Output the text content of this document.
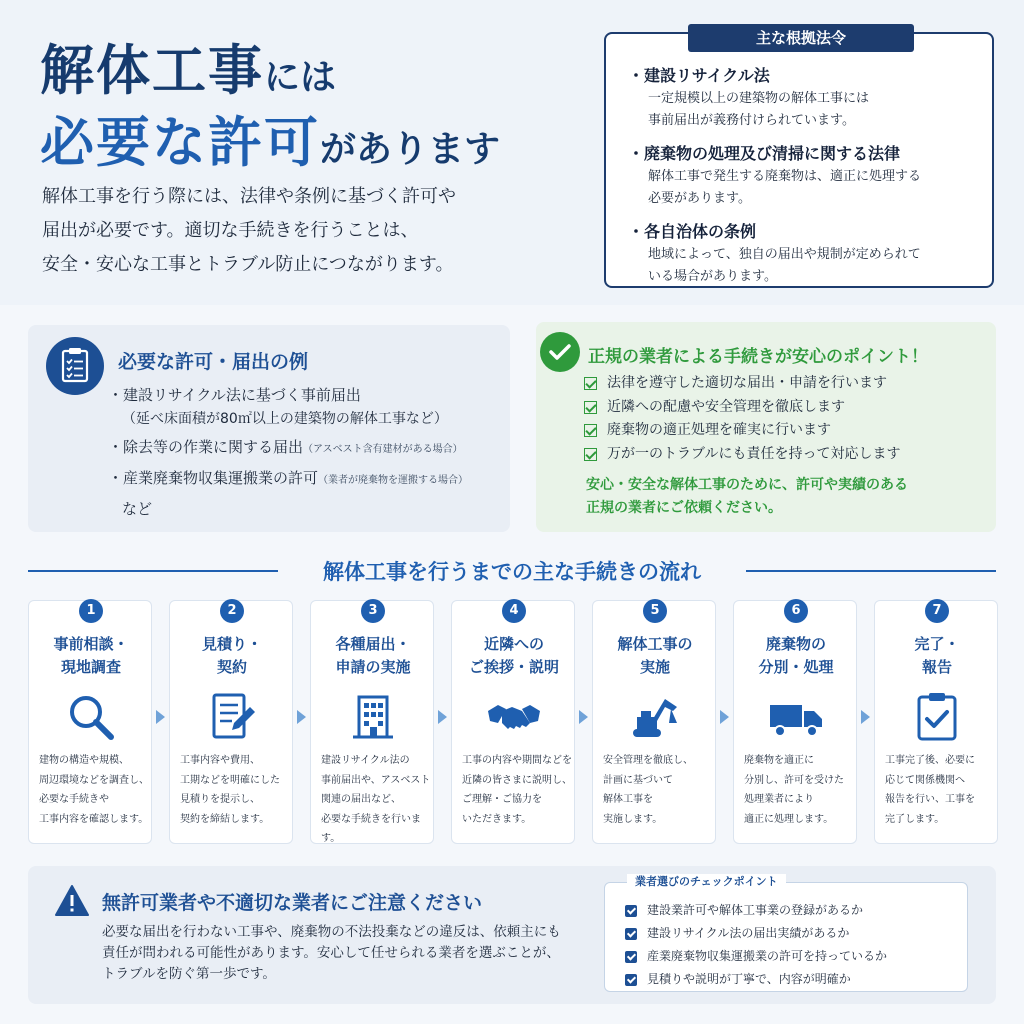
解体工事には
必要な許可があります
解体工事を行う際には、法律や条例に基づく許可や
届出が必要です。適切な手続きを行うことは、
安全・安心な工事とトラブル防止につながります。
主な根拠法令
・ 建設リサイクル法
一定規模以上の建築物の解体工事には
事前届出が義務付けられています。
・ 廃棄物の処理及び清掃に関する法律
解体工事で発生する廃棄物は、適正に処理する
必要があります。
・ 各自治体の条例
地域によって、独自の届出や規制が定められて
いる場合があります。
必要な許可・届出の例
・ 建設リサイクル法に基づく事前届出
（延べ床面積が80㎡以上の建築物の解体工事など）
・ 除去等の作業に関する届出（アスベスト含有建材がある場合）
・ 産業廃棄物収集運搬業の許可（業者が廃棄物を運搬する場合）
など
正規の業者による手続きが安心のポイント！
法律を遵守した適切な届出・申請を行います
近隣への配慮や安全管理を徹底します
廃棄物の適正処理を確実に行います
万が一のトラブルにも責任を持って対応します
安心・安全な解体工事のために、許可や実績のある
正規の業者にご依頼ください。
解体工事を行うまでの主な手続きの流れ
1
事前相談・
現地調査
建物の構造や規模、
周辺環境などを調査し、
必要な手続きや
工事内容を確認します。
2
見積り・
契約
工事内容や費用、
工期などを明確にした
見積りを提示し、
契約を締結します。
3
各種届出・
申請の実施
建設リサイクル法の
事前届出や、アスベスト
関連の届出など、
必要な手続きを行います。
4
近隣への
ご挨拶・説明
工事の内容や期間などを
近隣の皆さまに説明し、
ご理解・ご協力を
いただきます。
5
解体工事の
実施
安全管理を徹底し、
計画に基づいて
解体工事を
実施します。
6
廃棄物の
分別・処理
廃棄物を適正に
分別し、許可を受けた
処理業者により
適正に処理します。
7
完了・
報告
工事完了後、必要に
応じて関係機関へ
報告を行い、工事を
完了します。
無許可業者や不適切な業者にご注意ください
必要な届出を行わない工事や、廃棄物の不法投棄などの違反は、依頼主にも
責任が問われる可能性があります。安心して任せられる業者を選ぶことが、
トラブルを防ぐ第一歩です。
業者選びのチェックポイント
建設業許可や解体工事業の登録があるか
建設リサイクル法の届出実績があるか
産業廃棄物収集運搬業の許可を持っているか
見積りや説明が丁寧で、内容が明確か
